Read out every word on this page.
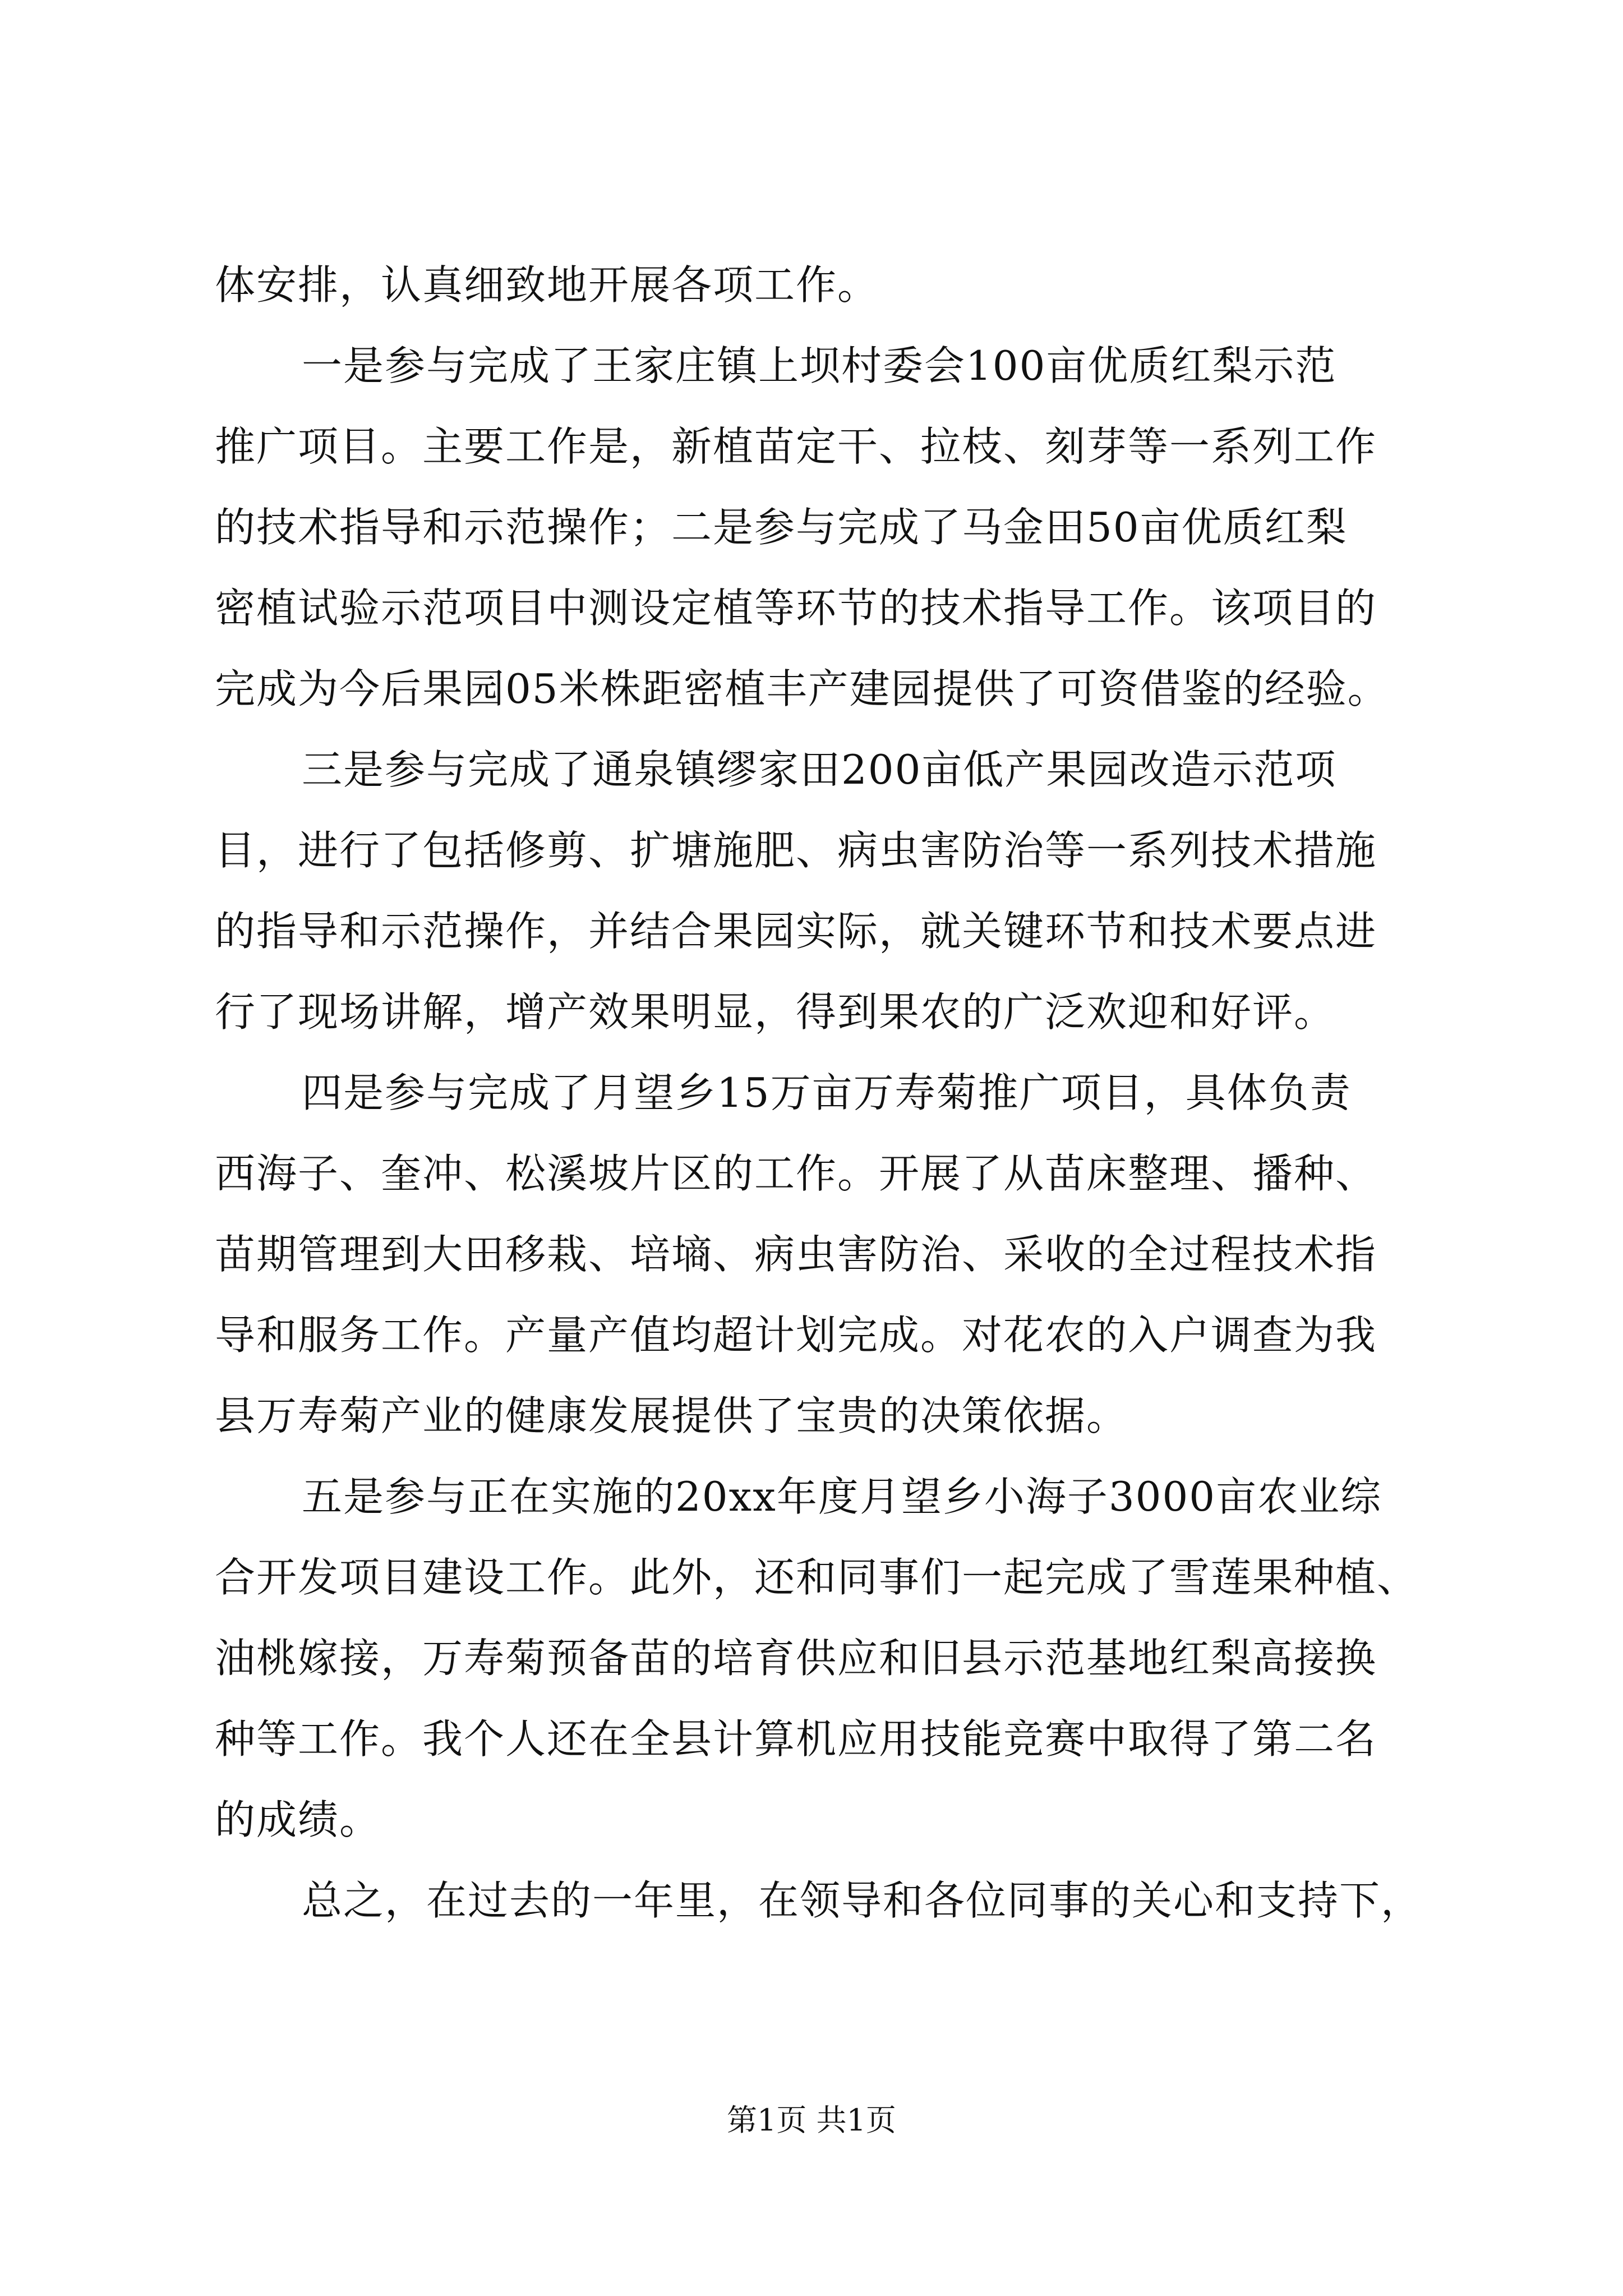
体安排，认真细致地开展各项工作。
一是参与完成了王家庄镇上坝村委会100亩优质红梨示范
推广项目。主要工作是，新植苗定干、拉枝、刻芽等一系列工作
的技术指导和示范操作；二是参与完成了马金田50亩优质红梨
密植试验示范项目中测设定植等环节的技术指导工作。该项目的
完成为今后果园05米株距密植丰产建园提供了可资借鉴的经验。
三是参与完成了通泉镇缪家田200亩低产果园改造示范项
目，进行了包括修剪、扩塘施肥、病虫害防治等一系列技术措施
的指导和示范操作，并结合果园实际，就关键环节和技术要点进
行了现场讲解，增产效果明显，得到果农的广泛欢迎和好评。
四是参与完成了月望乡15万亩万寿菊推广项目，具体负责
西海子、奎冲、松溪坡片区的工作。开展了从苗床整理、播种、
苗期管理到大田移栽、培墒、病虫害防治、采收的全过程技术指
导和服务工作。产量产值均超计划完成。对花农的入户调查为我
县万寿菊产业的健康发展提供了宝贵的决策依据。
五是参与正在实施的20xx年度月望乡小海子3000亩农业综
合开发项目建设工作。此外，还和同事们一起完成了雪莲果种植、
油桃嫁接，万寿菊预备苗的培育供应和旧县示范基地红梨高接换
种等工作。我个人还在全县计算机应用技能竞赛中取得了第二名
的成绩。
总之，在过去的一年里，在领导和各位同事的关心和支持下，
第1页 共1页
